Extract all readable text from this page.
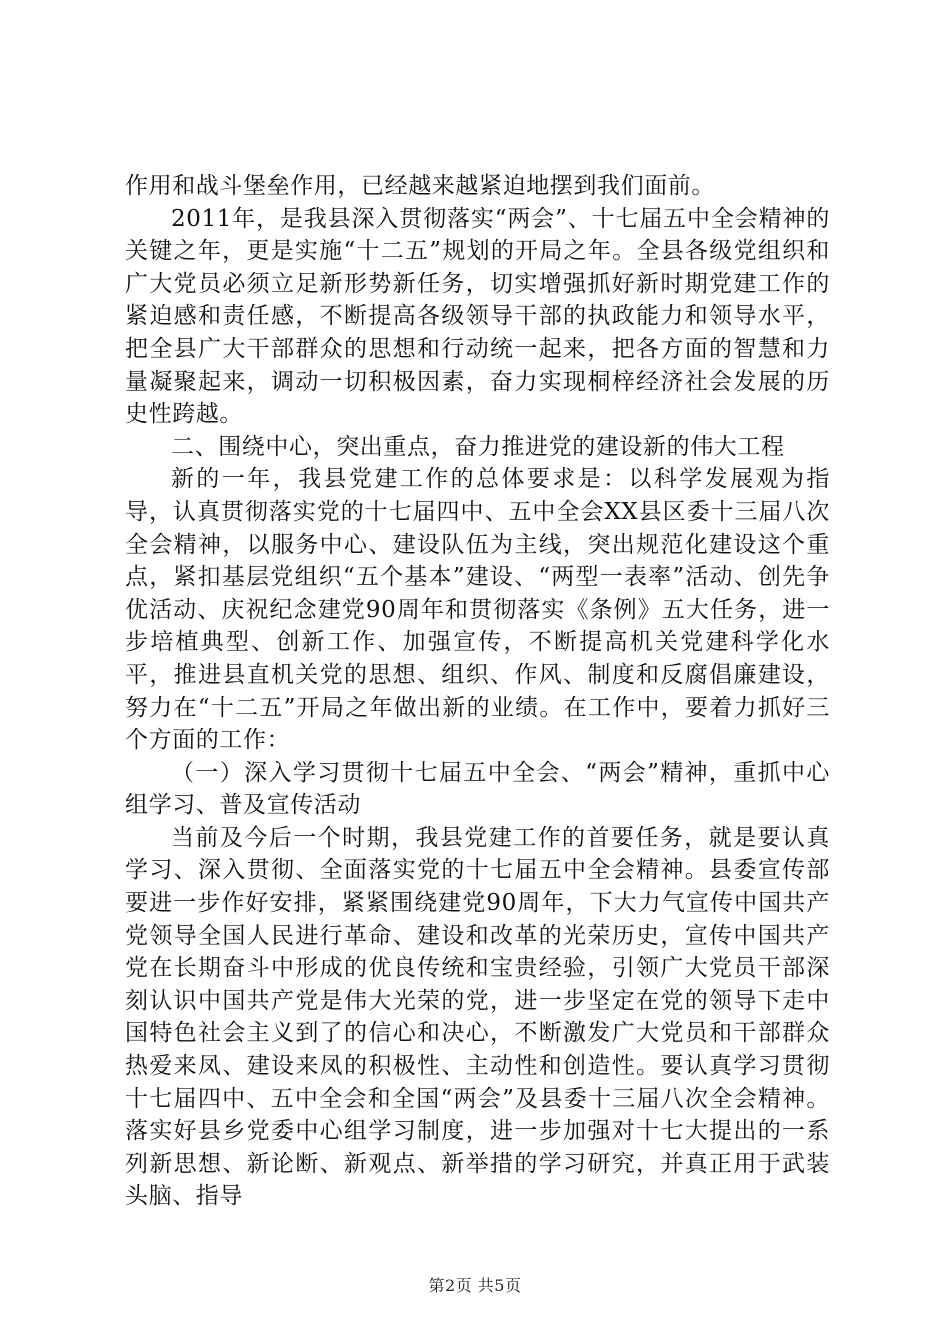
作用和战斗堡垒作用，已经越来越紧迫地摆到我们面前。

2011年，是我县深入贯彻落实“两会”、十七届五中全会精神的关键之年，更是实施“十二五”规划的开局之年。全县各级党组织和广大党员必须立足新形势新任务，切实增强抓好新时期党建工作的紧迫感和责任感，不断提高各级领导干部的执政能力和领导水平，把全县广大干部群众的思想和行动统一起来，把各方面的智慧和力量凝聚起来，调动一切积极因素，奋力实现桐梓经济社会发展的历史性跨越。

二、围绕中心，突出重点，奋力推进党的建设新的伟大工程

新的一年，我县党建工作的总体要求是：以科学发展观为指导，认真贯彻落实党的十七届四中、五中全会XX县区委十三届八次全会精神，以服务中心、建设队伍为主线，突出规范化建设这个重点，紧扣基层党组织“五个基本”建设、“两型一表率”活动、创先争优活动、庆祝纪念建党90周年和贯彻落实《条例》五大任务，进一步培植典型、创新工作、加强宣传，不断提高机关党建科学化水平，推进县直机关党的思想、组织、作风、制度和反腐倡廉建设，努力在“十二五”开局之年做出新的业绩。在工作中，要着力抓好三个方面的工作：

（一）深入学习贯彻十七届五中全会、“两会”精神，重抓中心组学习、普及宣传活动

当前及今后一个时期，我县党建工作的首要任务，就是要认真学习、深入贯彻、全面落实党的十七届五中全会精神。县委宣传部要进一步作好安排，紧紧围绕建党90周年，下大力气宣传中国共产党领导全国人民进行革命、建设和改革的光荣历史，宣传中国共产党在长期奋斗中形成的优良传统和宝贵经验，引领广大党员干部深刻认识中国共产党是伟大光荣的党，进一步坚定在党的领导下走中国特色社会主义到了的信心和决心，不断激发广大党员和干部群众热爱来凤、建设来凤的积极性、主动性和创造性。要认真学习贯彻十七届四中、五中全会和全国“两会”及县委十三届八次全会精神。落实好县乡党委中心组学习制度，进一步加强对十七大提出的一系列新思想、新论断、新观点、新举措的学习研究，并真正用于武装头脑、指导

第2页 共5页
